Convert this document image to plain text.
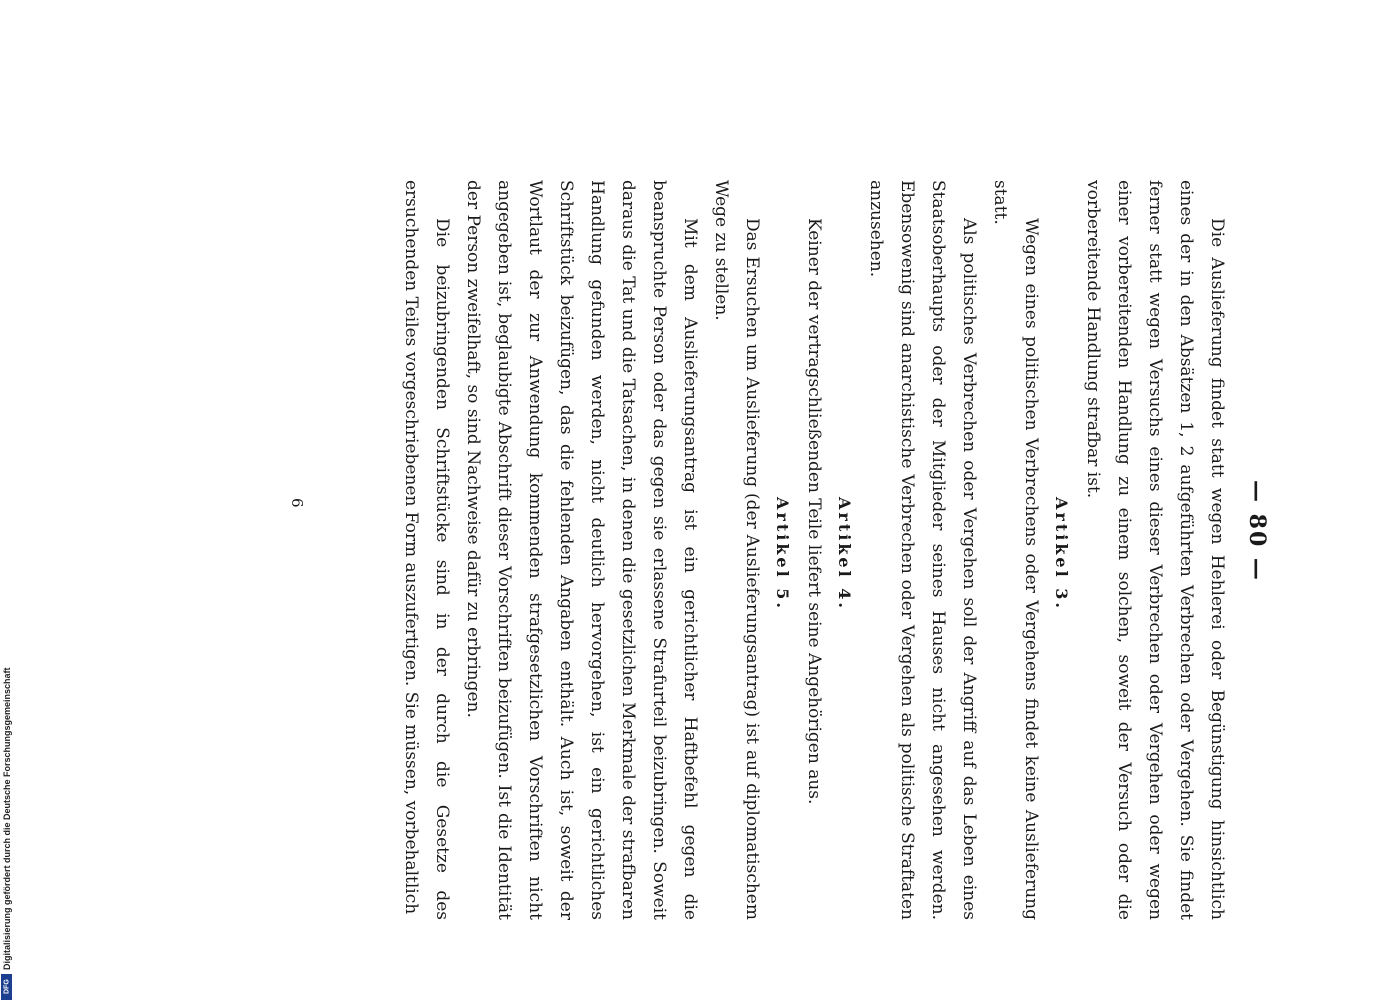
— 80 —

Die Auslieferung findet statt wegen Hehlerei oder Begünstigung hinsichtlich eines der in den Absätzen 1, 2 aufgeführten Verbrechen oder Vergehen. Sie findet ferner statt wegen Versuchs eines dieser Verbrechen oder Vergehen oder wegen einer vorbereitenden Handlung zu einem solchen, soweit der Versuch oder die vorbereitende Handlung strafbar ist.

Artikel 3.

Wegen eines politischen Verbrechens oder Vergehens findet keine Auslieferung statt.

Als politisches Verbrechen oder Vergehen soll der Angriff auf das Leben eines Staatsoberhaupts oder der Mitglieder seines Hauses nicht angesehen werden. Ebensowenig sind anarchistische Verbrechen oder Vergehen als politische Straftaten anzusehen.

Artikel 4.

Keiner der vertragschließenden Teile liefert seine Angehörigen aus.

Artikel 5.

Das Ersuchen um Auslieferung (der Auslieferungsantrag) ist auf diplomatischem Wege zu stellen.

Mit dem Auslieferungsantrag ist ein gerichtlicher Haftbefehl gegen die beanspruchte Person oder das gegen sie erlassene Strafurteil beizubringen. Soweit daraus die Tat und die Tatsachen, in denen die gesetzlichen Merkmale der strafbaren Handlung gefunden werden, nicht deutlich hervorgehen, ist ein gerichtliches Schriftstück beizufügen, das die fehlenden Angaben enthält. Auch ist, soweit der Wortlaut der zur Anwendung kommenden strafgesetzlichen Vorschriften nicht angegeben ist, beglaubigte Abschrift dieser Vorschriften beizufügen. Ist die Identität der Person zweifelhaft, so sind Nachweise dafür zu erbringen.

Die beizubringenden Schriftstücke sind in der durch die Gesetze des ersuchenden Teiles vorgeschriebenen Form auszufertigen. Sie müssen, vorbehaltlich

6
DFG
Digitalisierung gefördert durch die Deutsche Forschungsgemeinschaft
